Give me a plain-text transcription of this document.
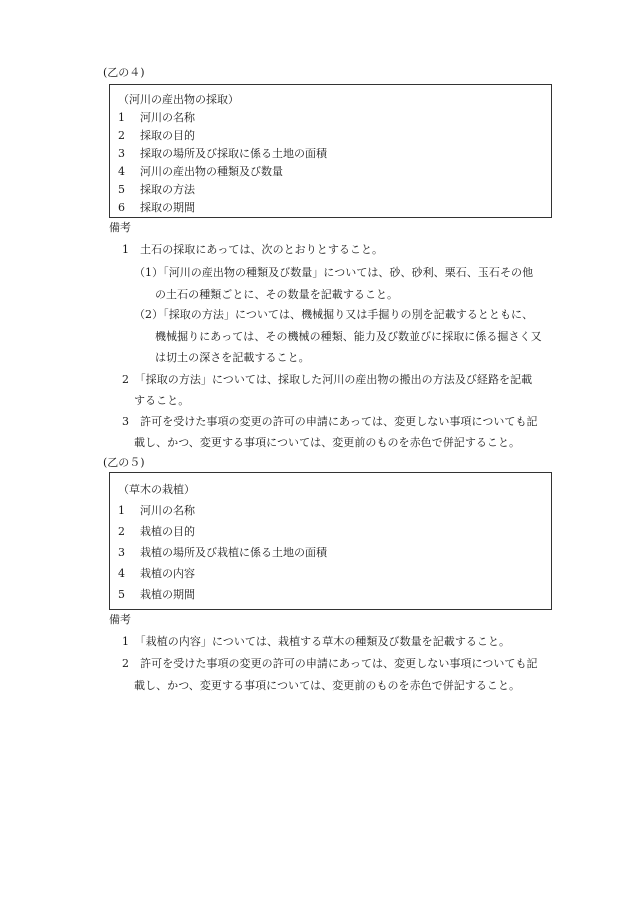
(乙の４)
（河川の産出物の採取）
1 河川の名称
2 採取の目的
3 採取の場所及び採取に係る土地の面積
4 河川の産出物の種類及び数量
5 採取の方法
6 採取の期間
備考
1　土石の採取にあっては、次のとおりとすること。
（1）「河川の産出物の種類及び数量」については、砂、砂利、栗石、玉石その他
の土石の種類ごとに、その数量を記載すること。
（2）「採取の方法」については、機械掘り又は手掘りの別を記載するとともに、
機械掘りにあっては、その機械の種類、能力及び数並びに採取に係る掘さく又
は切土の深さを記載すること。
2　「採取の方法」については、採取した河川の産出物の搬出の方法及び経路を記載
すること。
3　許可を受けた事項の変更の許可の申請にあっては、変更しない事項についても記
載し、かつ、変更する事項については、変更前のものを赤色で併記すること。
(乙の５)
（草木の栽植）
1 河川の名称
2 栽植の目的
3 栽植の場所及び栽植に係る土地の面積
4 栽植の内容
5 栽植の期間
備考
1　「栽植の内容」については、栽植する草木の種類及び数量を記載すること。
2　許可を受けた事項の変更の許可の申請にあっては、変更しない事項についても記
載し、かつ、変更する事項については、変更前のものを赤色で併記すること。
